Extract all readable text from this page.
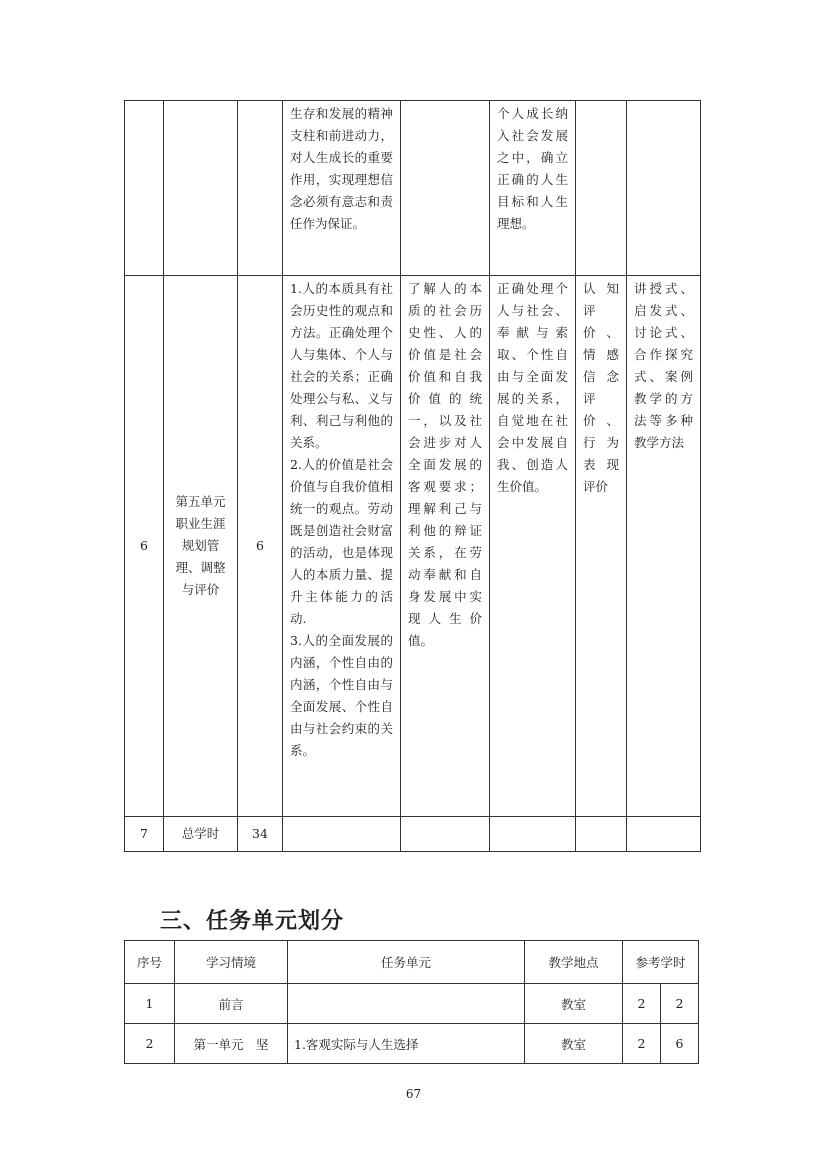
			生存和发展的精神支柱和前进动力，对人生成长的重要作用，实现理想信念必须有意志和责任作为保证。		个人成长纳入社会发展之中，确立正确的人生目标和人生理想。		
6	第五单元 职业生涯规划管理、调整与评价	6	1.人的本质具有社会历史性的观点和方法。正确处理个人与集体、个人与社会的关系；正确处理公与私、义与利、利己与利他的关系。
2.人的价值是社会价值与自我价值相统一的观点。劳动既是创造社会财富的活动，也是体现人的本质力量、提升主体能力的活动.
3.人的全面发展的内涵，个性自由的内涵，个性自由与全面发展、个性自由与社会约束的关系。	了解人的本质的社会历史性、人的价值是社会价值和自我价值的统一，以及社会进步对人全面发展的客观要求；理解利己与利他的辩证关系，在劳动奉献和自身发展中实现人生价值。	正确处理个人与社会、奉献与索取、个性自由与全面发展的关系，自觉地在社会中发展自我、创造人生价值。	认知评价、情感信念评价、行为表现评价	讲授式、启发式、讨论式、合作探究式、案例教学的方法等多种教学方法
7	总学时	34					
三、任务单元划分
序号	学习情境	任务单元	教学地点	参考学时	
1	前言		教室	2	2
2	第一单元　坚	1.客观实际与人生选择	教室	2	6
67
